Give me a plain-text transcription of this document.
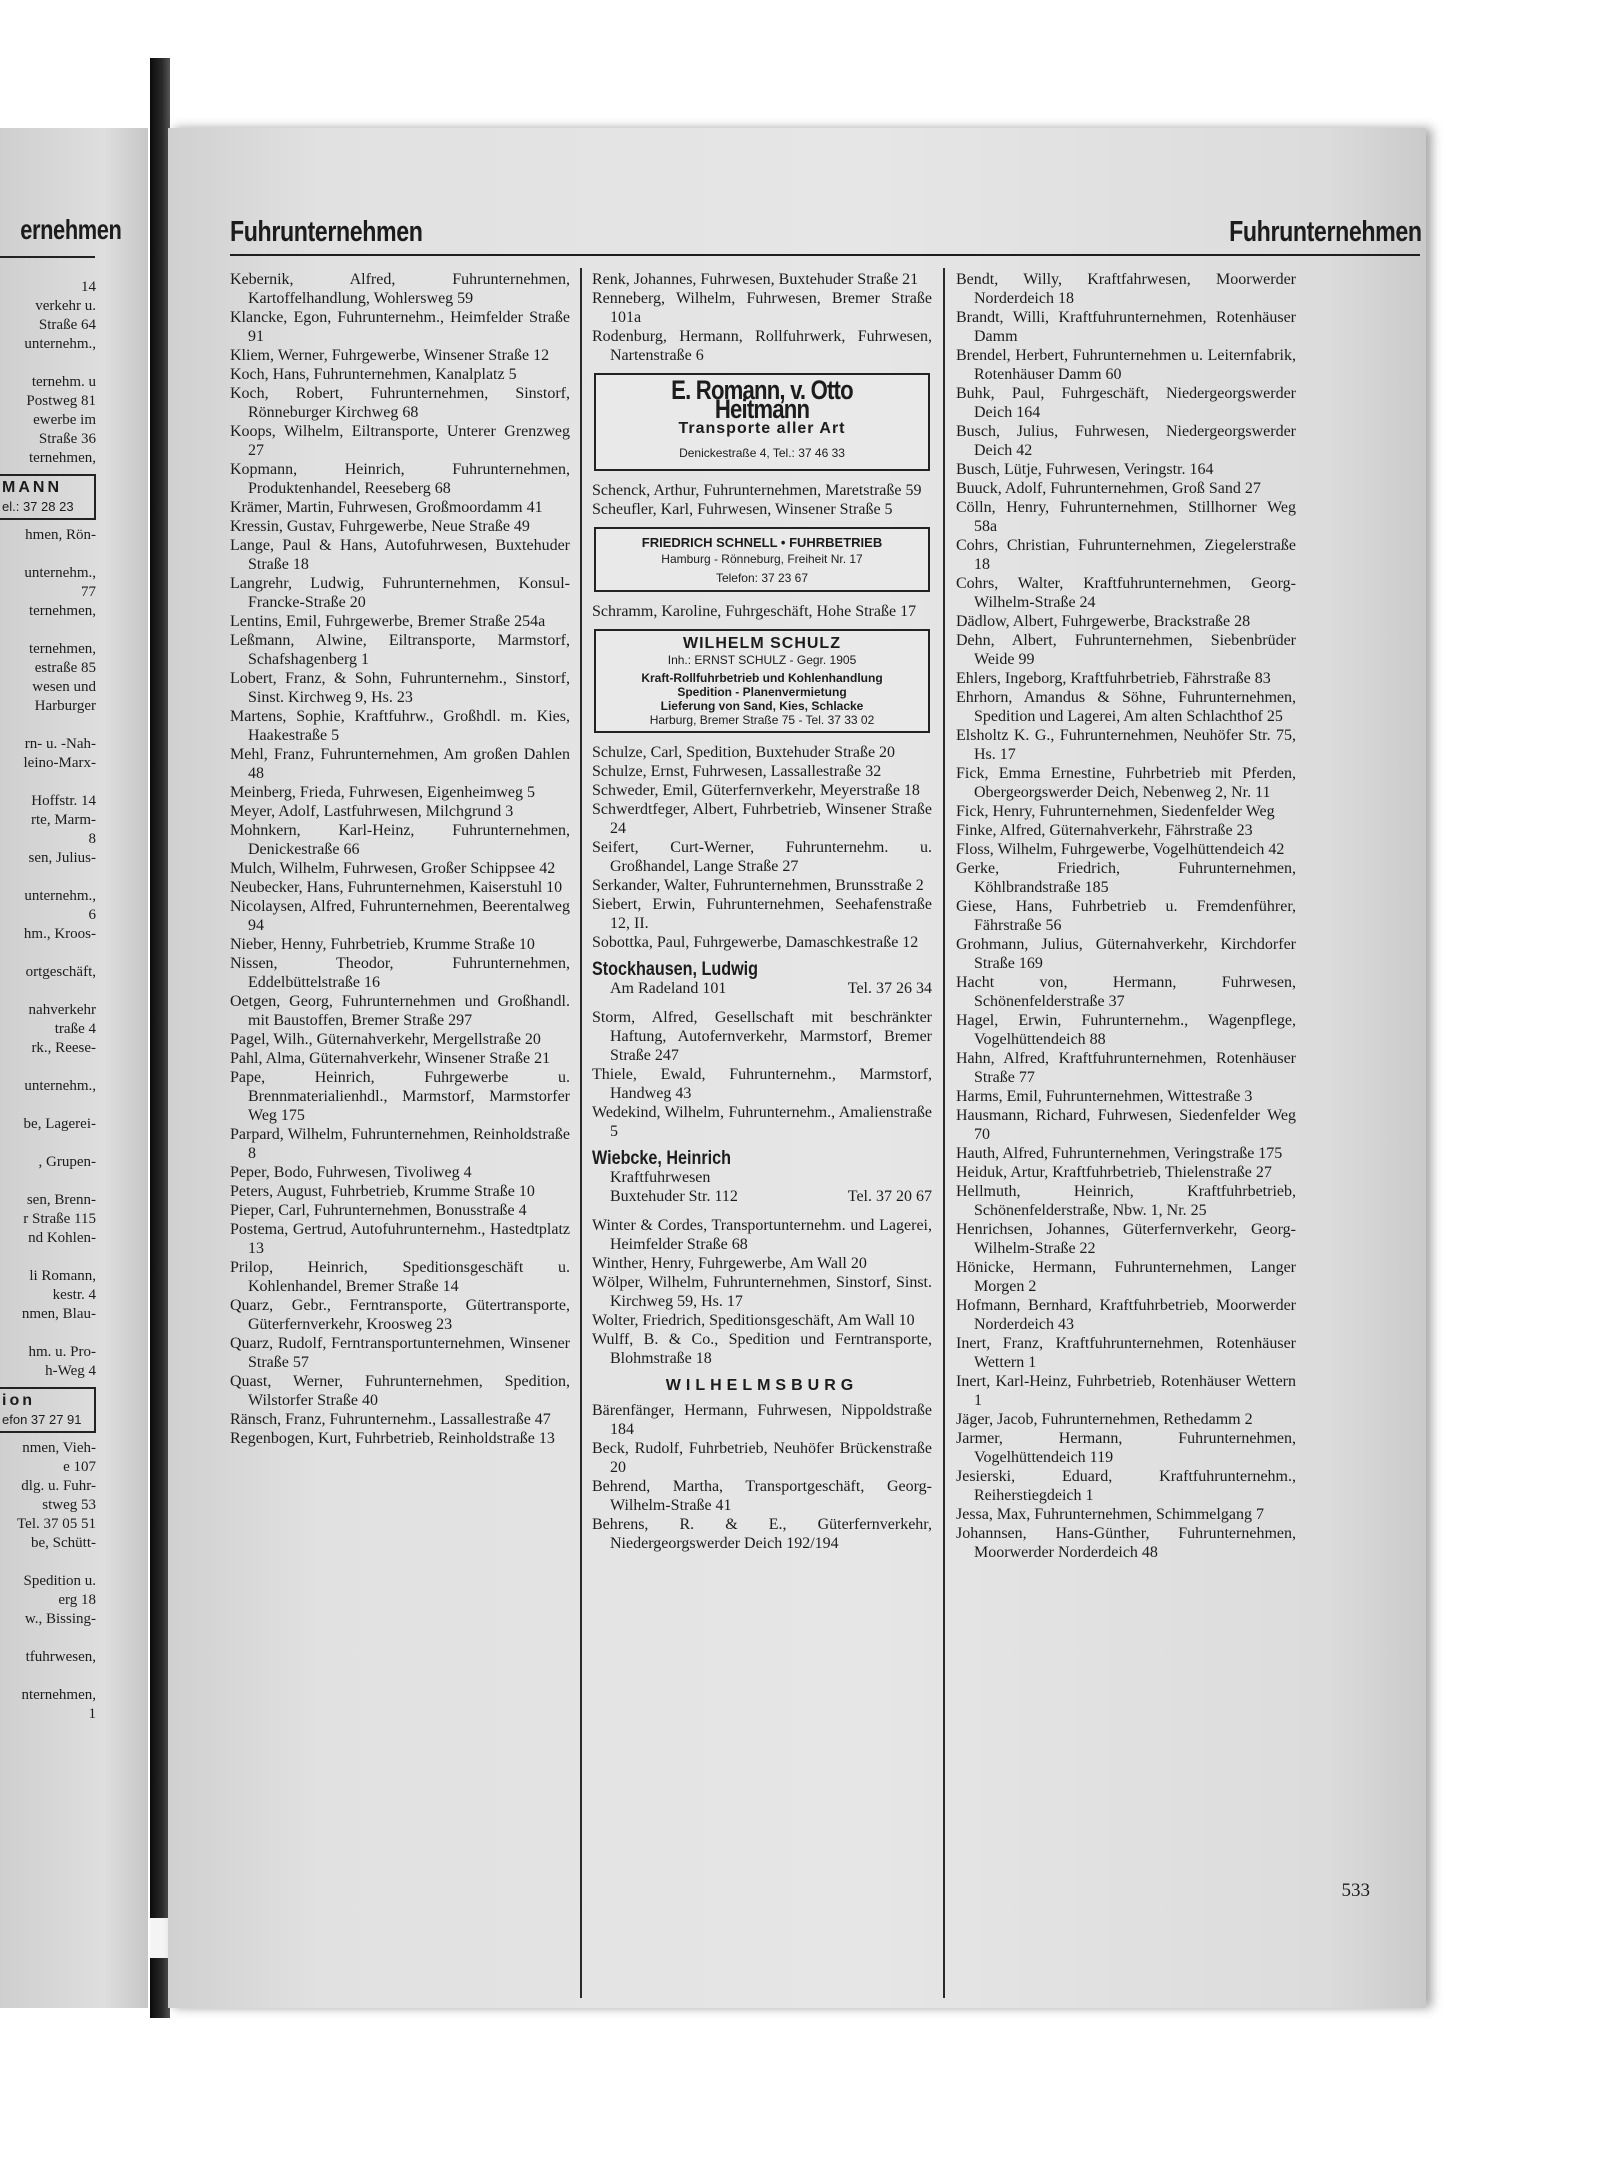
ernehmen
14
verkehr u.
Straße 64
unternehm.,

ternehm. u
Postweg 81
ewerbe im
Straße 36
ternehmen,
MANN
el.: 37 28 23
hmen, Rön-

unternehm.,
77
ternehmen,

ternehmen,
estraße 85
wesen und
Harburger

rn- u. -Nah-
leino-Marx-

Hoffstr. 14
rte, Marm-
8
sen, Julius-

unternehm.,
6
hm., Kroos-

ortgeschäft,

nahverkehr
traße 4
rk., Reese-

unternehm.,

be, Lagerei-

, Grupen-

sen, Brenn-
r Straße 115
nd Kohlen-

li Romann,
kestr. 4
nmen, Blau-

hm. u. Pro-
h-Weg 4
ion
efon 37 27 91
nmen, Vieh-
e 107
dlg. u. Fuhr-
stweg 53
Tel. 37 05 51
be, Schütt-

Spedition u.
erg 18
w., Bissing-

tfuhrwesen,

nternehmen,
1
Fuhrunternehmen	Fuhrunternehmen
Kebernik, Alfred, Fuhrunternehmen, Kartoffelhandlung, Wohlersweg 59
Klancke, Egon, Fuhrunternehm., Heimfelder Straße 91
Kliem, Werner, Fuhrgewerbe, Winsener Straße 12
Koch, Hans, Fuhrunternehmen, Kanalplatz 5
Koch, Robert, Fuhrunternehmen, Sinstorf, Rönneburger Kirchweg 68
Koops, Wilhelm, Eiltransporte, Unterer Grenzweg 27
Kopmann, Heinrich, Fuhrunternehmen, Produktenhandel, Reeseberg 68
Krämer, Martin, Fuhrwesen, Großmoordamm 41
Kressin, Gustav, Fuhrgewerbe, Neue Straße 49
Lange, Paul & Hans, Autofuhrwesen, Buxtehuder Straße 18
Langrehr, Ludwig, Fuhrunternehmen, Konsul-Francke-Straße 20
Lentins, Emil, Fuhrgewerbe, Bremer Straße 254a
Leßmann, Alwine, Eiltransporte, Marmstorf, Schafshagenberg 1
Lobert, Franz, & Sohn, Fuhrunternehm., Sinstorf, Sinst. Kirchweg 9, Hs. 23
Martens, Sophie, Kraftfuhrw., Großhdl. m. Kies, Haakestraße 5
Mehl, Franz, Fuhrunternehmen, Am großen Dahlen 48
Meinberg, Frieda, Fuhrwesen, Eigenheimweg 5
Meyer, Adolf, Lastfuhrwesen, Milchgrund 3
Mohnkern, Karl-Heinz, Fuhrunternehmen, Denickestraße 66
Mulch, Wilhelm, Fuhrwesen, Großer Schippsee 42
Neubecker, Hans, Fuhrunternehmen, Kaiserstuhl 10
Nicolaysen, Alfred, Fuhrunternehmen, Beerentalweg 94
Nieber, Henny, Fuhrbetrieb, Krumme Straße 10
Nissen, Theodor, Fuhrunternehmen, Eddelbüttelstraße 16
Oetgen, Georg, Fuhrunternehmen und Großhandl. mit Baustoffen, Bremer Straße 297
Pagel, Wilh., Güternahverkehr, Mergellstraße 20
Pahl, Alma, Güternahverkehr, Winsener Straße 21
Pape, Heinrich, Fuhrgewerbe u. Brennmaterialienhdl., Marmstorf, Marmstorfer Weg 175
Parpard, Wilhelm, Fuhrunternehmen, Reinholdstraße 8
Peper, Bodo, Fuhrwesen, Tivoliweg 4
Peters, August, Fuhrbetrieb, Krumme Straße 10
Pieper, Carl, Fuhrunternehmen, Bonusstraße 4
Postema, Gertrud, Autofuhrunternehm., Hastedtplatz 13
Prilop, Heinrich, Speditionsgeschäft u. Kohlenhandel, Bremer Straße 14
Quarz, Gebr., Ferntransporte, Gütertransporte, Güterfernverkehr, Kroosweg 23
Quarz, Rudolf, Ferntransportunternehmen, Winsener Straße 57
Quast, Werner, Fuhrunternehmen, Spedition, Wilstorfer Straße 40
Ränsch, Franz, Fuhrunternehm., Lassallestraße 47
Regenbogen, Kurt, Fuhrbetrieb, Reinholdstraße 13
Renk, Johannes, Fuhrwesen, Buxtehuder Straße 21
Renneberg, Wilhelm, Fuhrwesen, Bremer Straße 101a
Rodenburg, Hermann, Rollfuhrwerk, Fuhrwesen, Nartenstraße 6
E. Romann, v. Otto Heitmann
Transporte aller Art
Denickestraße 4, Tel.: 37 46 33
Schenck, Arthur, Fuhrunternehmen, Maretstraße 59
Scheufler, Karl, Fuhrwesen, Winsener Straße 5
FRIEDRICH SCHNELL • FUHRBETRIEB
Hamburg - Rönneburg, Freiheit Nr. 17
Telefon: 37 23 67
Schramm, Karoline, Fuhrgeschäft, Hohe Straße 17
WILHELM SCHULZ
Inh.: ERNST SCHULZ - Gegr. 1905
Kraft-Rollfuhrbetrieb und Kohlenhandlung
Spedition - Planenvermietung
Lieferung von Sand, Kies, Schlacke
Harburg, Bremer Straße 75 - Tel. 37 33 02
Schulze, Carl, Spedition, Buxtehuder Straße 20
Schulze, Ernst, Fuhrwesen, Lassallestraße 32
Schweder, Emil, Güterfernverkehr, Meyerstraße 18
Schwerdtfeger, Albert, Fuhrbetrieb, Winsener Straße 24
Seifert, Curt-Werner, Fuhrunternehm. u. Großhandel, Lange Straße 27
Serkander, Walter, Fuhrunternehmen, Brunsstraße 2
Siebert, Erwin, Fuhrunternehmen, Seehafenstraße 12, II.
Sobottka, Paul, Fuhrgewerbe, Damaschkestraße 12
Stockhausen, Ludwig
Am Radeland 101	Tel. 37 26 34
Storm, Alfred, Gesellschaft mit beschränkter Haftung, Autofernverkehr, Marmstorf, Bremer Straße 247
Thiele, Ewald, Fuhrunternehm., Marmstorf, Handweg 43
Wedekind, Wilhelm, Fuhrunternehm., Amalienstraße 5
Wiebcke, Heinrich
Kraftfuhrwesen
Buxtehuder Str. 112	Tel. 37 20 67
Winter & Cordes, Transportunternehm. und Lagerei, Heimfelder Straße 68
Winther, Henry, Fuhrgewerbe, Am Wall 20
Wölper, Wilhelm, Fuhrunternehmen, Sinstorf, Sinst. Kirchweg 59, Hs. 17
Wolter, Friedrich, Speditionsgeschäft, Am Wall 10
Wulff, B. & Co., Spedition und Ferntransporte, Blohmstraße 18
WILHELMSBURG
Bärenfänger, Hermann, Fuhrwesen, Nippoldstraße 184
Beck, Rudolf, Fuhrbetrieb, Neuhöfer Brückenstraße 20
Behrend, Martha, Transportgeschäft, Georg-Wilhelm-Straße 41
Behrens, R. & E., Güterfernverkehr, Niedergeorgswerder Deich 192/194
Bendt, Willy, Kraftfahrwesen, Moorwerder Norderdeich 18
Brandt, Willi, Kraftfuhrunternehmen, Rotenhäuser Damm
Brendel, Herbert, Fuhrunternehmen u. Leiternfabrik, Rotenhäuser Damm 60
Buhk, Paul, Fuhrgeschäft, Niedergeorgswerder Deich 164
Busch, Julius, Fuhrwesen, Niedergeorgswerder Deich 42
Busch, Lütje, Fuhrwesen, Veringstr. 164
Buuck, Adolf, Fuhrunternehmen, Groß Sand 27
Cölln, Henry, Fuhrunternehmen, Stillhorner Weg 58a
Cohrs, Christian, Fuhrunternehmen, Ziegelerstraße 18
Cohrs, Walter, Kraftfuhrunternehmen, Georg-Wilhelm-Straße 24
Dädlow, Albert, Fuhrgewerbe, Brackstraße 28
Dehn, Albert, Fuhrunternehmen, Siebenbrüder Weide 99
Ehlers, Ingeborg, Kraftfuhrbetrieb, Fährstraße 83
Ehrhorn, Amandus & Söhne, Fuhrunternehmen, Spedition und Lagerei, Am alten Schlachthof 25
Elsholtz K. G., Fuhrunternehmen, Neuhöfer Str. 75, Hs. 17
Fick, Emma Ernestine, Fuhrbetrieb mit Pferden, Obergeorgswerder Deich, Nebenweg 2, Nr. 11
Fick, Henry, Fuhrunternehmen, Siedenfelder Weg
Finke, Alfred, Güternahverkehr, Fährstraße 23
Floss, Wilhelm, Fuhrgewerbe, Vogelhüttendeich 42
Gerke, Friedrich, Fuhrunternehmen, Köhlbrandstraße 185
Giese, Hans, Fuhrbetrieb u. Fremdenführer, Fährstraße 56
Grohmann, Julius, Güternahverkehr, Kirchdorfer Straße 169
Hacht von, Hermann, Fuhrwesen, Schönenfelderstraße 37
Hagel, Erwin, Fuhrunternehm., Wagenpflege, Vogelhüttendeich 88
Hahn, Alfred, Kraftfuhrunternehmen, Rotenhäuser Straße 77
Harms, Emil, Fuhrunternehmen, Wittestraße 3
Hausmann, Richard, Fuhrwesen, Siedenfelder Weg 70
Hauth, Alfred, Fuhrunternehmen, Veringstraße 175
Heiduk, Artur, Kraftfuhrbetrieb, Thielenstraße 27
Hellmuth, Heinrich, Kraftfuhrbetrieb, Schönenfelderstraße, Nbw. 1, Nr. 25
Henrichsen, Johannes, Güterfernverkehr, Georg-Wilhelm-Straße 22
Hönicke, Hermann, Fuhrunternehmen, Langer Morgen 2
Hofmann, Bernhard, Kraftfuhrbetrieb, Moorwerder Norderdeich 43
Inert, Franz, Kraftfuhrunternehmen, Rotenhäuser Wettern 1
Inert, Karl-Heinz, Fuhrbetrieb, Rotenhäuser Wettern 1
Jäger, Jacob, Fuhrunternehmen, Rethedamm 2
Jarmer, Hermann, Fuhrunternehmen, Vogelhüttendeich 119
Jesierski, Eduard, Kraftfuhrunternehm., Reiherstiegdeich 1
Jessa, Max, Fuhrunternehmen, Schimmelgang 7
Johannsen, Hans-Günther, Fuhrunternehmen, Moorwerder Norderdeich 48
533
